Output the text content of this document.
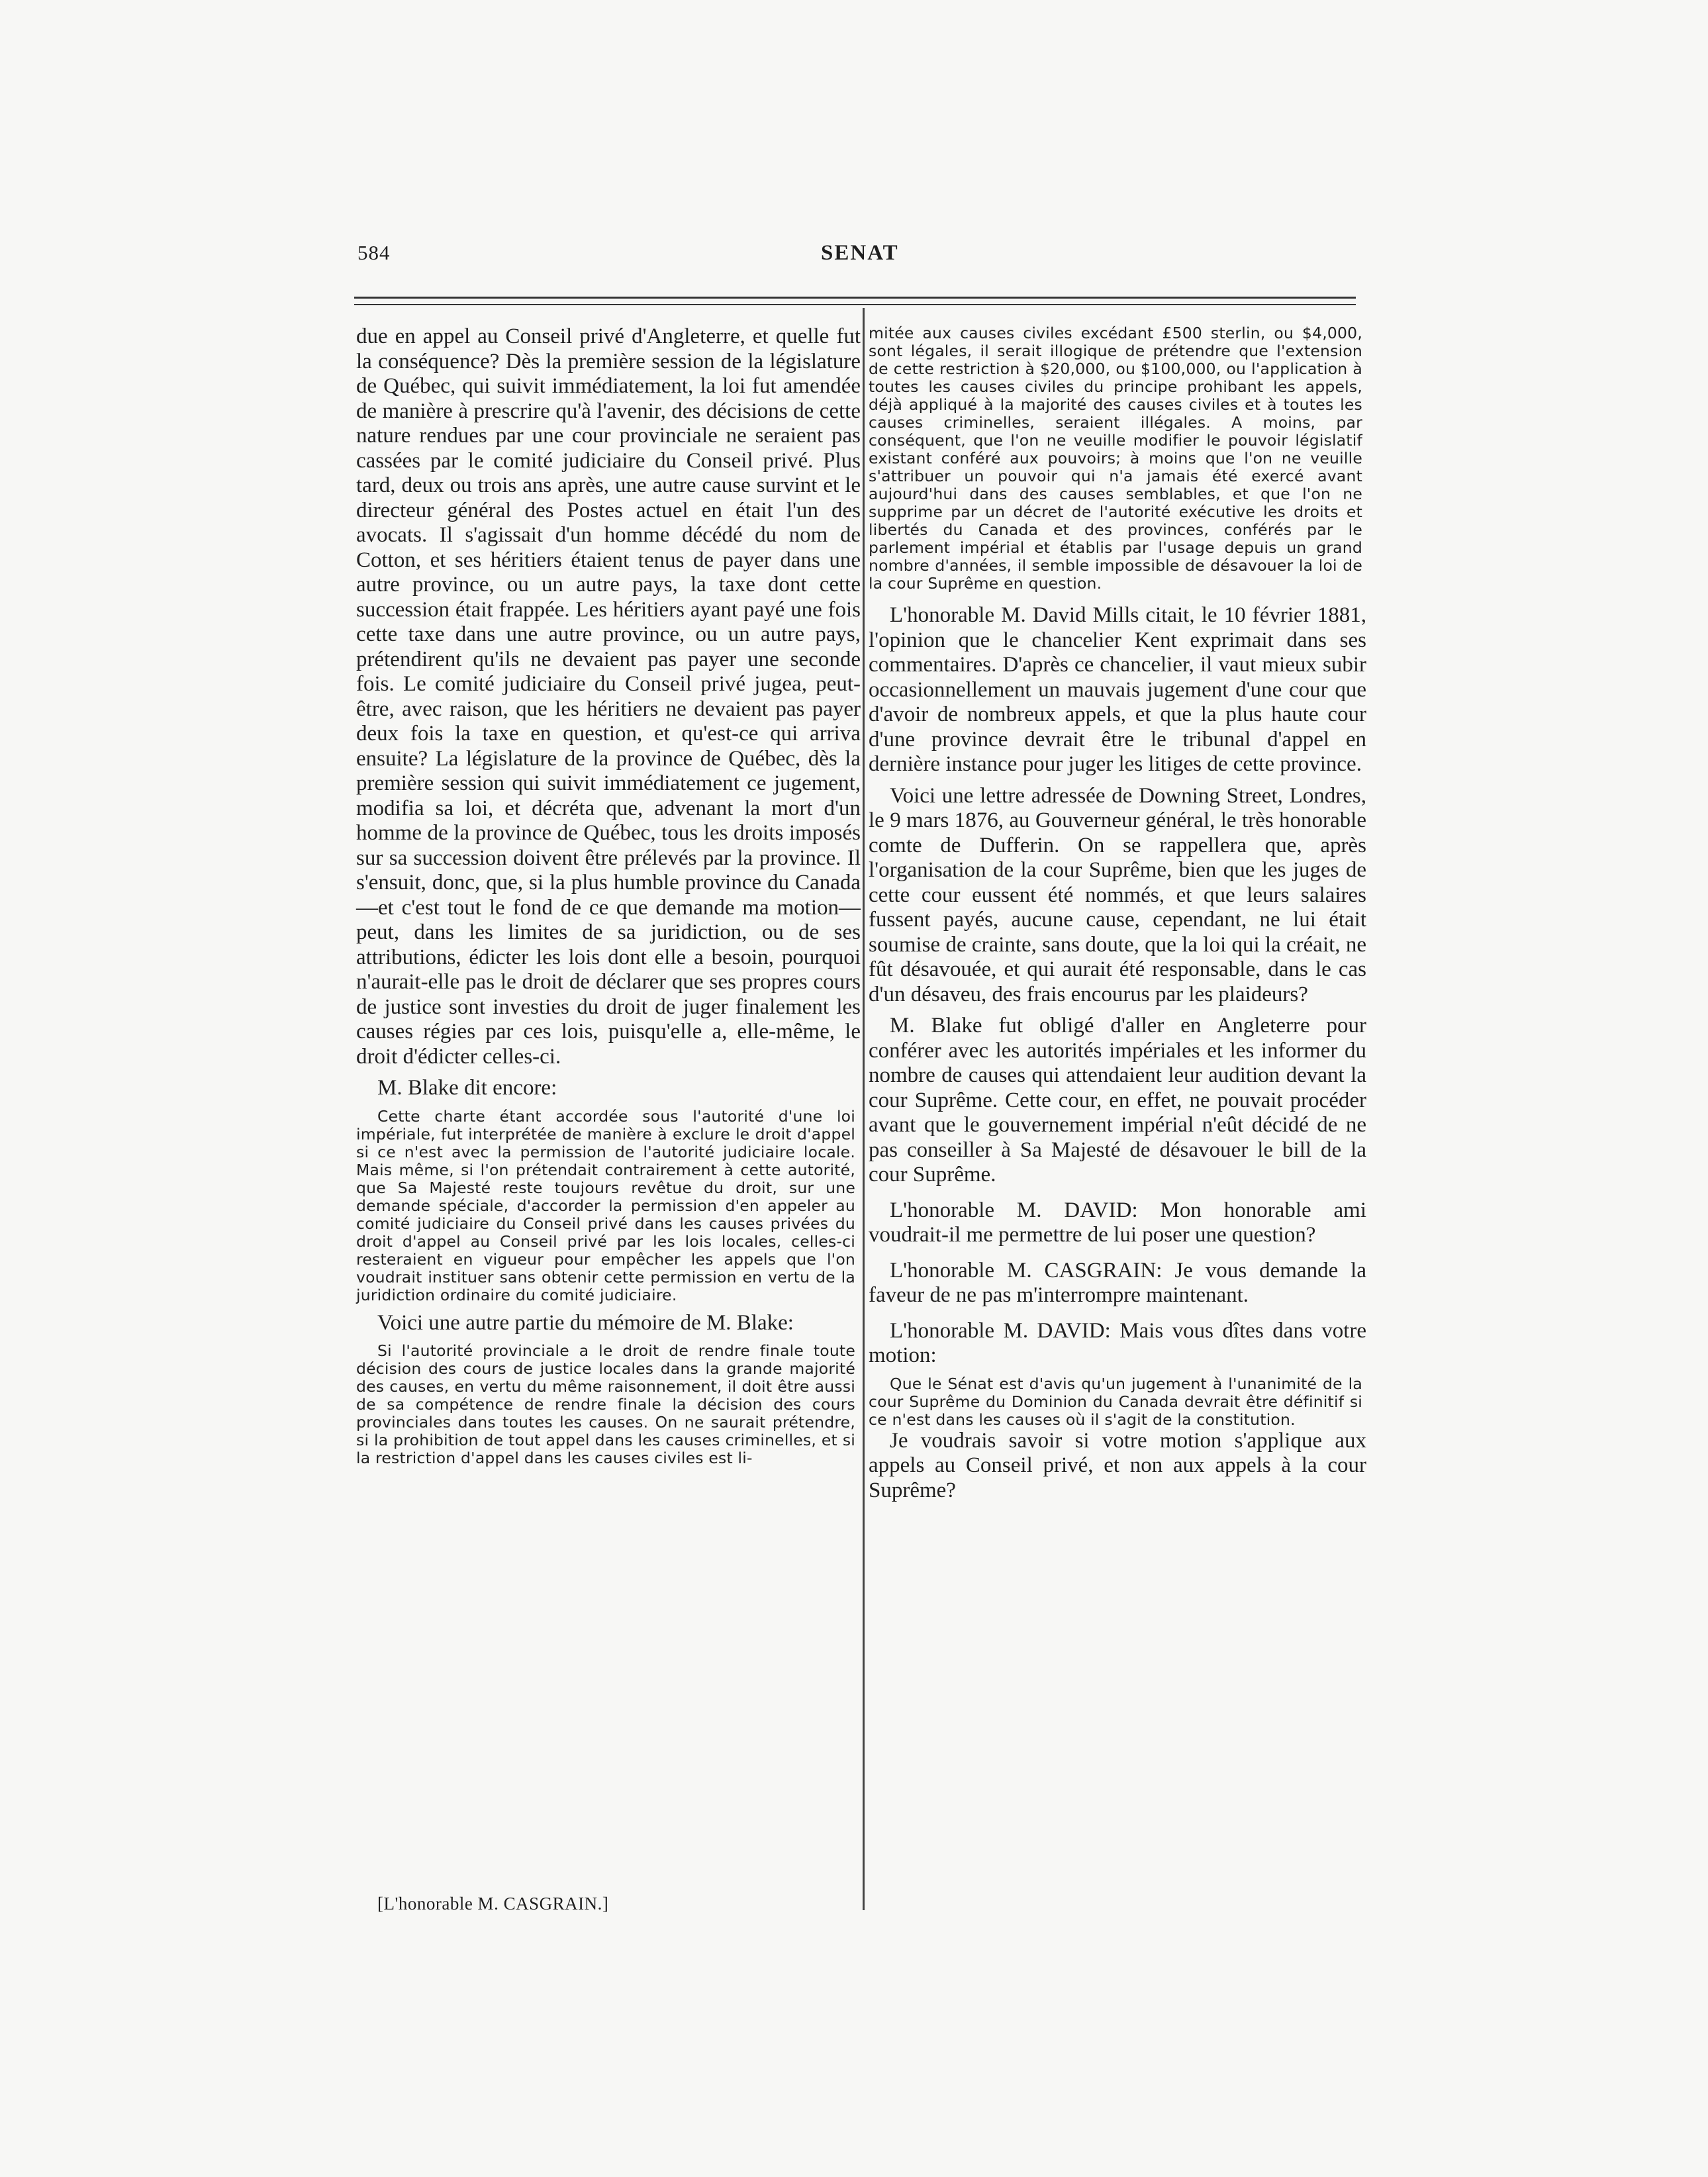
584	SENAT

due en appel au Conseil privé d'Angleterre, et quelle fut la conséquence? Dès la première session de la législature de Québec, qui suivit immédiatement, la loi fut amendée de manière à prescrire qu'à l'avenir, des décisions de cette nature rendues par une cour provinciale ne seraient pas cassées par le comité judiciaire du Conseil privé. Plus tard, deux ou trois ans après, une autre cause survint et le directeur général des Postes actuel en était l'un des avocats. Il s'agissait d'un homme décédé du nom de Cotton, et ses héritiers étaient tenus de payer dans une autre province, ou un autre pays, la taxe dont cette succession était frappée. Les héritiers ayant payé une fois cette taxe dans une autre province, ou un autre pays, prétendirent qu'ils ne devaient pas payer une seconde fois. Le comité judiciaire du Conseil privé jugea, peut-être, avec raison, que les héritiers ne devaient pas payer deux fois la taxe en question, et qu'est-ce qui arriva ensuite? La législature de la province de Québec, dès la première session qui suivit immédiatement ce jugement, modifia sa loi, et décréta que, advenant la mort d'un homme de la province de Québec, tous les droits imposés sur sa succession doivent être prélevés par la province. Il s'ensuit, donc, que, si la plus humble province du Canada—et c'est tout le fond de ce que demande ma motion—peut, dans les limites de sa juridiction, ou de ses attributions, édicter les lois dont elle a besoin, pourquoi n'aurait-elle pas le droit de déclarer que ses propres cours de justice sont investies du droit de juger finalement les causes régies par ces lois, puisqu'elle a, elle-même, le droit d'édicter celles-ci.

M. Blake dit encore:

Cette charte étant accordée sous l'autorité d'une loi impériale, fut interprétée de manière à exclure le droit d'appel si ce n'est avec la permission de l'autorité judiciaire locale. Mais même, si l'on prétendait contrairement à cette autorité, que Sa Majesté reste toujours revêtue du droit, sur une demande spéciale, d'accorder la permission d'en appeler au comité judiciaire du Conseil privé dans les causes privées du droit d'appel au Conseil privé par les lois locales, celles-ci resteraient en vigueur pour empêcher les appels que l'on voudrait instituer sans obtenir cette permission en vertu de la juridiction ordinaire du comité judiciaire.

Voici une autre partie du mémoire de M. Blake:

Si l'autorité provinciale a le droit de rendre finale toute décision des cours de justice locales dans la grande majorité des causes, en vertu du même raisonnement, il doit être aussi de sa compétence de rendre finale la décision des cours provinciales dans toutes les causes. On ne saurait prétendre, si la prohibition de tout appel dans les causes criminelles, et si la restriction d'appel dans les causes civiles est li-

mitée aux causes civiles excédant £500 sterlin, ou $4,000, sont légales, il serait illogique de prétendre que l'extension de cette restriction à $20,000, ou $100,000, ou l'application à toutes les causes civiles du principe prohibant les appels, déjà appliqué à la majorité des causes civiles et à toutes les causes criminelles, seraient illégales. A moins, par conséquent, que l'on ne veuille modifier le pouvoir législatif existant conféré aux pouvoirs; à moins que l'on ne veuille s'attribuer un pouvoir qui n'a jamais été exercé avant aujourd'hui dans des causes semblables, et que l'on ne supprime par un décret de l'autorité exécutive les droits et libertés du Canada et des provinces, conférés par le parlement impérial et établis par l'usage depuis un grand nombre d'années, il semble impossible de désavouer la loi de la cour Suprême en question.

L'honorable M. David Mills citait, le 10 février 1881, l'opinion que le chancelier Kent exprimait dans ses commentaires. D'après ce chancelier, il vaut mieux subir occasionnellement un mauvais jugement d'une cour que d'avoir de nombreux appels, et que la plus haute cour d'une province devrait être le tribunal d'appel en dernière instance pour juger les litiges de cette province.

Voici une lettre adressée de Downing Street, Londres, le 9 mars 1876, au Gouverneur général, le très honorable comte de Dufferin. On se rappellera que, après l'organisation de la cour Suprême, bien que les juges de cette cour eussent été nommés, et que leurs salaires fussent payés, aucune cause, cependant, ne lui était soumise de crainte, sans doute, que la loi qui la créait, ne fût désavouée, et qui aurait été responsable, dans le cas d'un désaveu, des frais encourus par les plaideurs?

M. Blake fut obligé d'aller en Angleterre pour conférer avec les autorités impériales et les informer du nombre de causes qui attendaient leur audition devant la cour Suprême. Cette cour, en effet, ne pouvait procéder avant que le gouvernement impérial n'eût décidé de ne pas conseiller à Sa Majesté de désavouer le bill de la cour Suprême.

L'honorable M. DAVID: Mon honorable ami voudrait-il me permettre de lui poser une question?

L'honorable M. CASGRAIN: Je vous demande la faveur de ne pas m'interrompre maintenant.

L'honorable M. DAVID: Mais vous dîtes dans votre motion:

Que le Sénat est d'avis qu'un jugement à l'unanimité de la cour Suprême du Dominion du Canada devrait être définitif si ce n'est dans les causes où il s'agit de la constitution.

Je voudrais savoir si votre motion s'applique aux appels au Conseil privé, et non aux appels à la cour Suprême?

[L'honorable M. CASGRAIN.]
